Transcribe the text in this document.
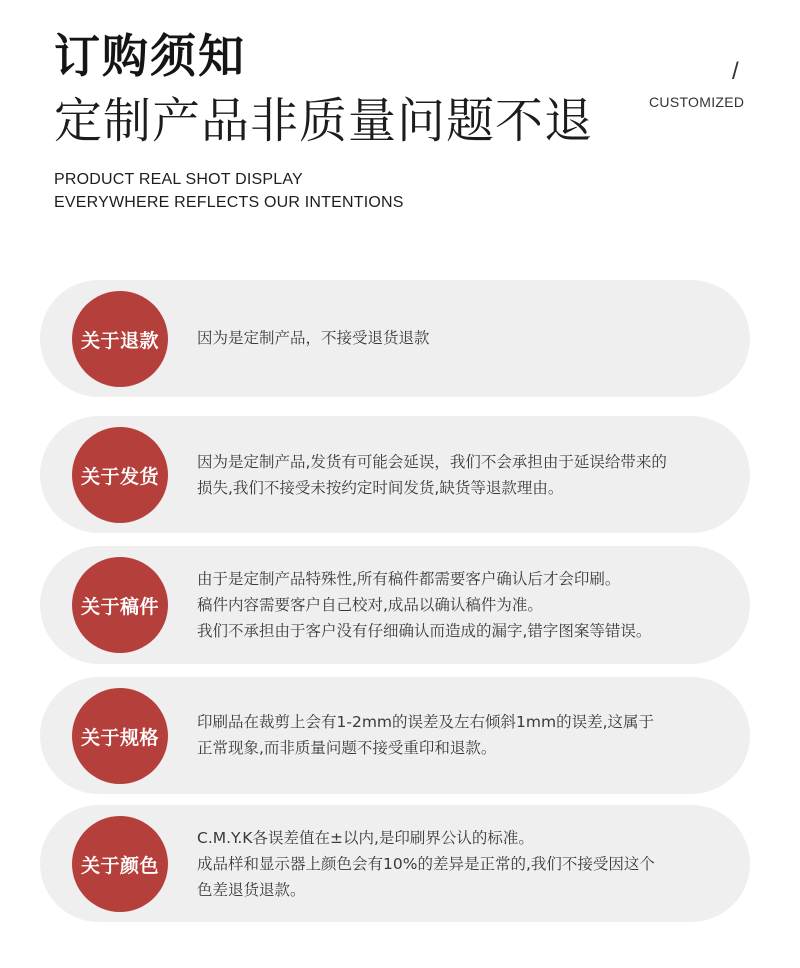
订购须知
定制产品非质量问题不退
/
CUSTOMIZED
PRODUCT REAL SHOT DISPLAY
EVERYWHERE REFLECTS OUR INTENTIONS
关于退款	因为是定制产品，不接受退货退款
关于发货
因为是定制产品,发货有可能会延误，我们不会承担由于延误给带来的
损失,我们不接受未按约定时间发货,缺货等退款理由。
关于稿件
由于是定制产品特殊性,所有稿件都需要客户确认后才会印刷。
稿件内容需要客户自己校对,成品以确认稿件为准。
我们不承担由于客户没有仔细确认而造成的漏字,错字图案等错误。
关于规格
印刷品在裁剪上会有1-2mm的误差及左右倾斜1mm的误差,这属于
正常现象,而非质量问题不接受重印和退款。
关于颜色
C.M.Y.K各误差值在±以内,是印刷界公认的标准。
成品样和显示器上颜色会有10%的差异是正常的,我们不接受因这个
色差退货退款。
